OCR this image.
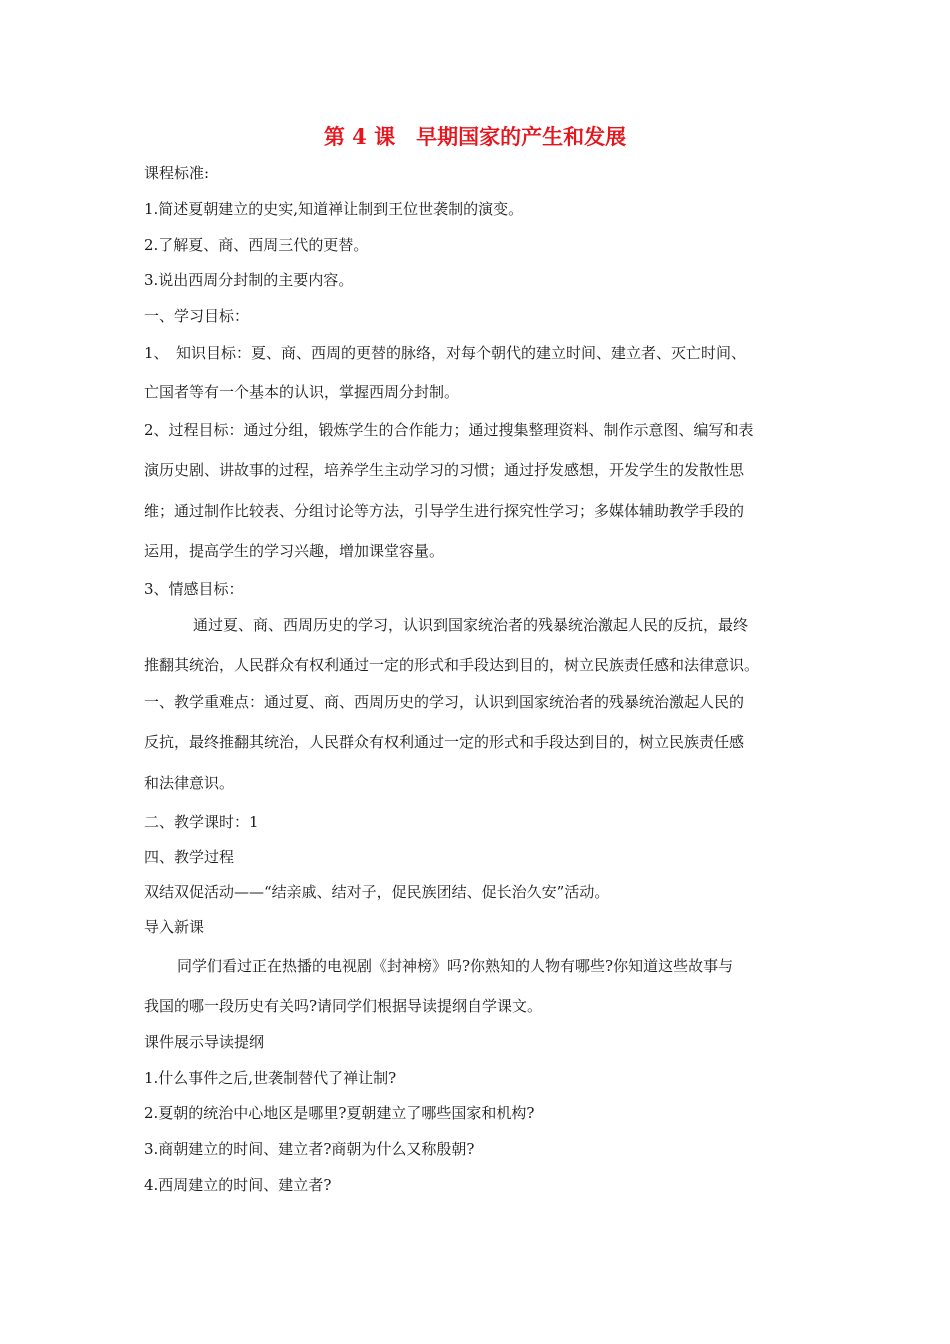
第 4 课　早期国家的产生和发展
课程标准:
1.简述夏朝建立的史实,知道禅让制到王位世袭制的演变。
2.了解夏、商、西周三代的更替。
3.说出西周分封制的主要内容。
一、学习目标：
1、　知识目标：夏、商、西周的更替的脉络，对每个朝代的建立时间、建立者、灭亡时间、
亡国者等有一个基本的认识，掌握西周分封制。
2、过程目标：通过分组，锻炼学生的合作能力；通过搜集整理资料、制作示意图、编写和表
演历史剧、讲故事的过程，培养学生主动学习的习惯；通过抒发感想，开发学生的发散性思
维；通过制作比较表、分组讨论等方法，引导学生进行探究性学习；多媒体辅助教学手段的
运用，提高学生的学习兴趣，增加课堂容量。
3、情感目标：
通过夏、商、西周历史的学习，认识到国家统治者的残暴统治激起人民的反抗，最终
推翻其统治，人民群众有权利通过一定的形式和手段达到目的，树立民族责任感和法律意识。
一、教学重难点：通过夏、商、西周历史的学习，认识到国家统治者的残暴统治激起人民的
反抗，最终推翻其统治，人民群众有权利通过一定的形式和手段达到目的，树立民族责任感
和法律意识。
二、教学课时：1
四、教学过程
双结双促活动——“结亲戚、结对子，促民族团结、促长治久安”活动。
导入新课
同学们看过正在热播的电视剧《封神榜》吗?你熟知的人物有哪些?你知道这些故事与
我国的哪一段历史有关吗?请同学们根据导读提纲自学课文。
课件展示导读提纲
1.什么事件之后,世袭制替代了禅让制?
2.夏朝的统治中心地区是哪里?夏朝建立了哪些国家和机构?
3.商朝建立的时间、建立者?商朝为什么又称殷朝?
4.西周建立的时间、建立者?
